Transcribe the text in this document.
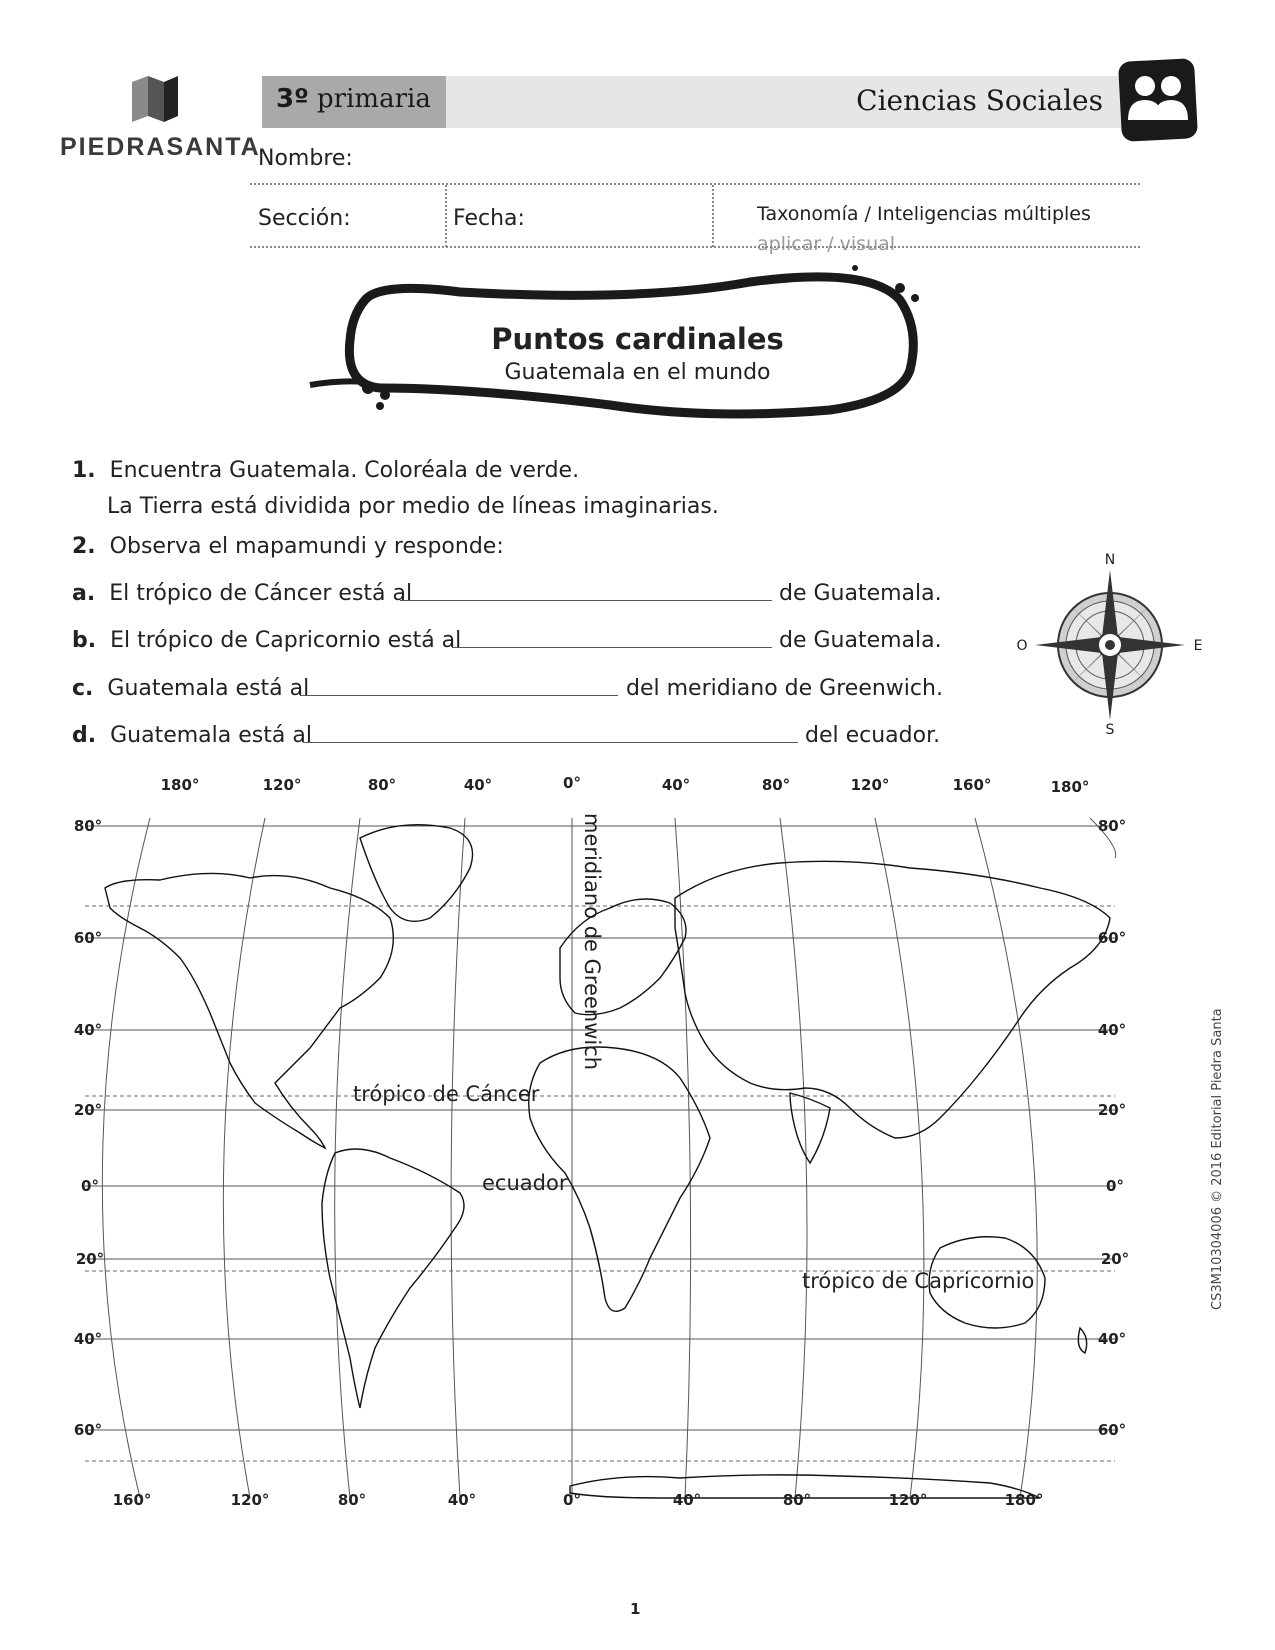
PIEDRASANTA
3º primaria	Ciencias Sociales
Nombre:
Sección:	Fecha:	Taxonomía / Inteligencias múltiples
aplicar / visual
Puntos cardinales
Guatemala en el mundo
1. Encuentra Guatemala. Coloréala de verde.
La Tierra está dividida por medio de líneas imaginarias.
2. Observa el mapamundi y responde:
a. El trópico de Cáncer está al	de Guatemala.
b. El trópico de Capricornio está al	de Guatemala.
c. Guatemala está al	del meridiano de Greenwich.
d. Guatemala está al	del ecuador.
N
S
E
O
180°	120°	80°	40°	0°	40°	80°	120°	160°	180°
160°	120°	80°	40°	0°	40°	80°	120°	180°
80°
60°
40°
20°
0°
20°
40°
60°
80°
60°
40°
20°
0°
20°
40°
60°
meridiano de Greenwich
trópico de Cáncer
ecuador
trópico de Capricornio	CS3M10304006 © 2016 Editorial Piedra Santa
1
